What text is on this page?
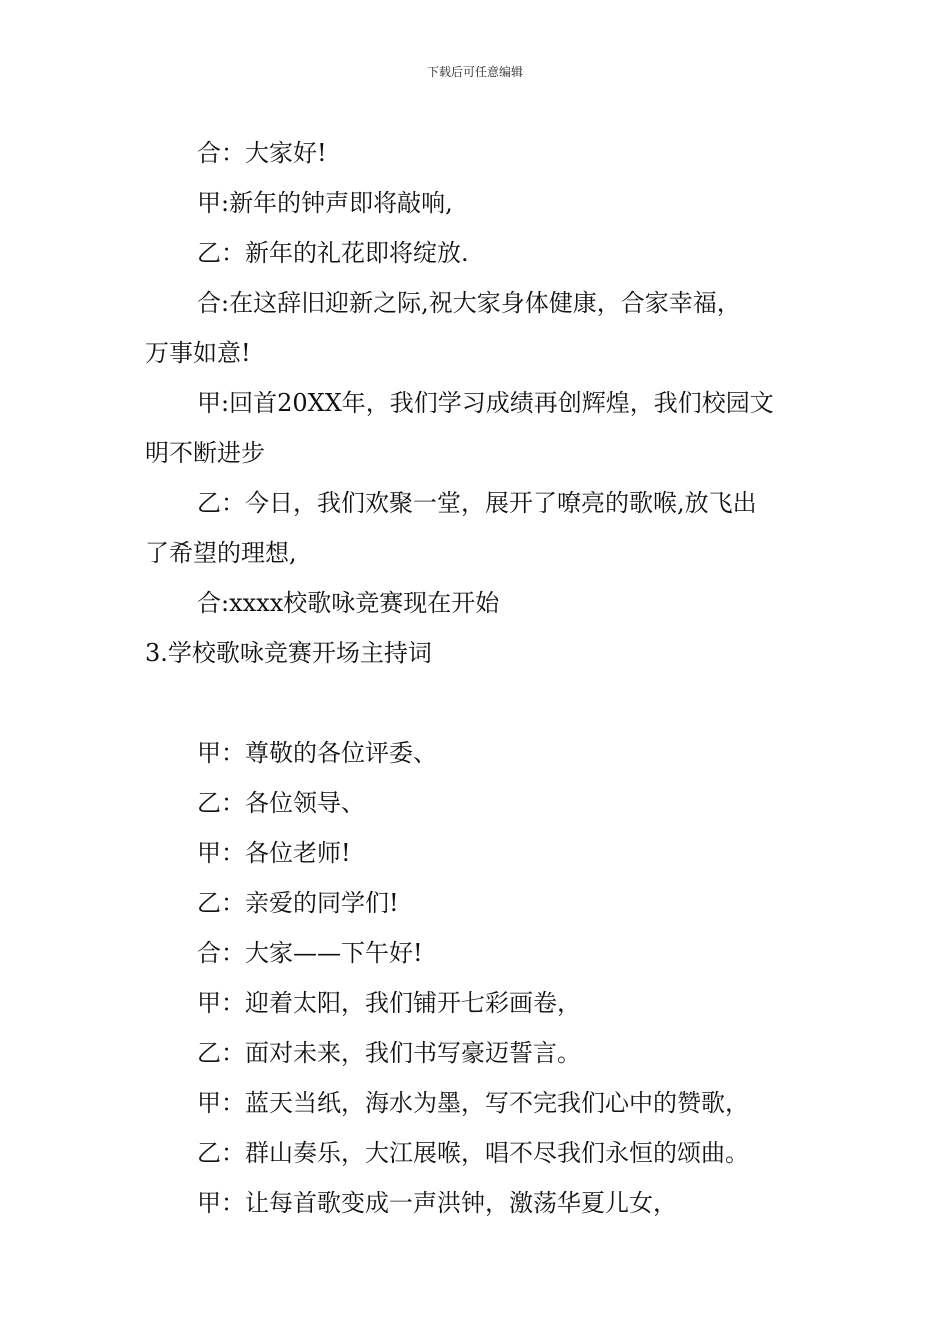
下载后可任意编辑

合：大家好!

甲:新年的钟声即将敲响,

乙：新年的礼花即将绽放.

合:在这辞旧迎新之际,祝大家身体健康，合家幸福，

万事如意!

甲:回首20XX年，我们学习成绩再创辉煌，我们校园文

明不断进步

乙：今日，我们欢聚一堂，展开了嘹亮的歌喉,放飞出

了希望的理想,

合:xxxx校歌咏竞赛现在开始

3.学校歌咏竞赛开场主持词

甲：尊敬的各位评委、

乙：各位领导、

甲：各位老师!

乙：亲爱的同学们!

合：大家——下午好!

甲：迎着太阳，我们铺开七彩画卷，

乙：面对未来，我们书写豪迈誓言。

甲：蓝天当纸，海水为墨，写不完我们心中的赞歌，

乙：群山奏乐，大江展喉，唱不尽我们永恒的颂曲。

甲：让每首歌变成一声洪钟，激荡华夏儿女，
